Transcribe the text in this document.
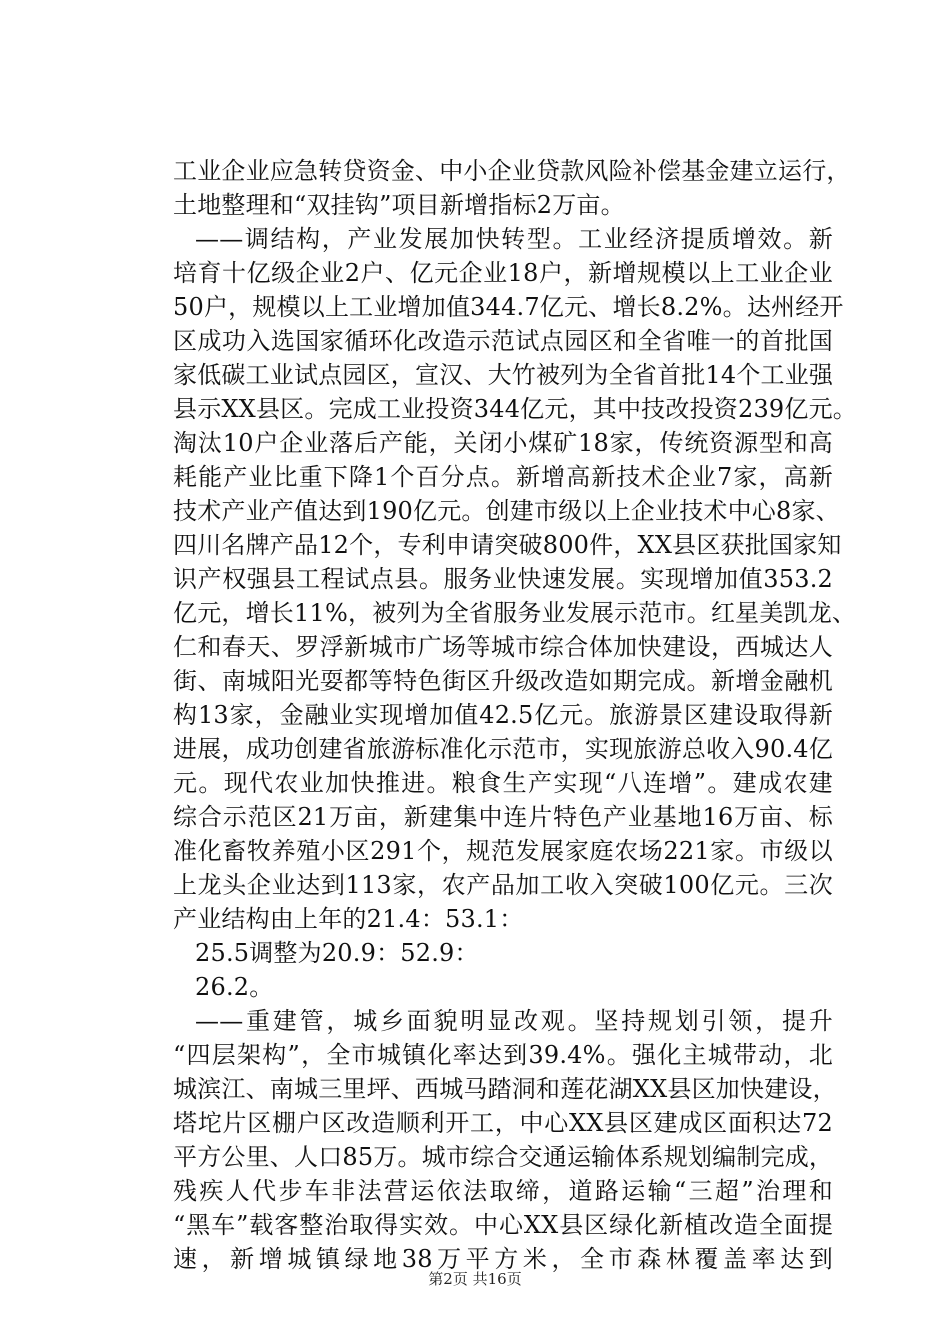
工业企业应急转贷资金、中小企业贷款风险补偿基金建立运行，
土地整理和“双挂钩”项目新增指标2万亩。
——调结构，产业发展加快转型。工业经济提质增效。新
培育十亿级企业2户、亿元企业18户，新增规模以上工业企业
50户，规模以上工业增加值344.7亿元、增长8.2%。达州经开
区成功入选国家循环化改造示范试点园区和全省唯一的首批国
家低碳工业试点园区，宣汉、大竹被列为全省首批14个工业强
县示XX县区。完成工业投资344亿元，其中技改投资239亿元。
淘汰10户企业落后产能，关闭小煤矿18家，传统资源型和高
耗能产业比重下降1个百分点。新增高新技术企业7家，高新
技术产业产值达到190亿元。创建市级以上企业技术中心8家、
四川名牌产品12个，专利申请突破800件，XX县区获批国家知
识产权强县工程试点县。服务业快速发展。实现增加值353.2
亿元，增长11%，被列为全省服务业发展示范市。红星美凯龙、
仁和春天、罗浮新城市广场等城市综合体加快建设，西城达人
街、南城阳光耍都等特色街区升级改造如期完成。新增金融机
构13家，金融业实现增加值42.5亿元。旅游景区建设取得新
进展，成功创建省旅游标准化示范市，实现旅游总收入90.4亿
元。现代农业加快推进。粮食生产实现“八连增”。建成农建
综合示范区21万亩，新建集中连片特色产业基地16万亩、标
准化畜牧养殖小区291个，规范发展家庭农场221家。市级以
上龙头企业达到113家，农产品加工收入突破100亿元。三次
产业结构由上年的21.4：53.1：
25.5调整为20.9：52.9：
26.2。
——重建管，城乡面貌明显改观。坚持规划引领，提升
“四层架构”，全市城镇化率达到39.4%。强化主城带动，北
城滨江、南城三里坪、西城马踏洞和莲花湖XX县区加快建设，
塔坨片区棚户区改造顺利开工，中心XX县区建成区面积达72
平方公里、人口85万。城市综合交通运输体系规划编制完成，
残疾人代步车非法营运依法取缔，道路运输“三超”治理和
“黑车”载客整治取得实效。中心XX县区绿化新植改造全面提
速，新增城镇绿地38万平方米，全市森林覆盖率达到
第2页 共16页
